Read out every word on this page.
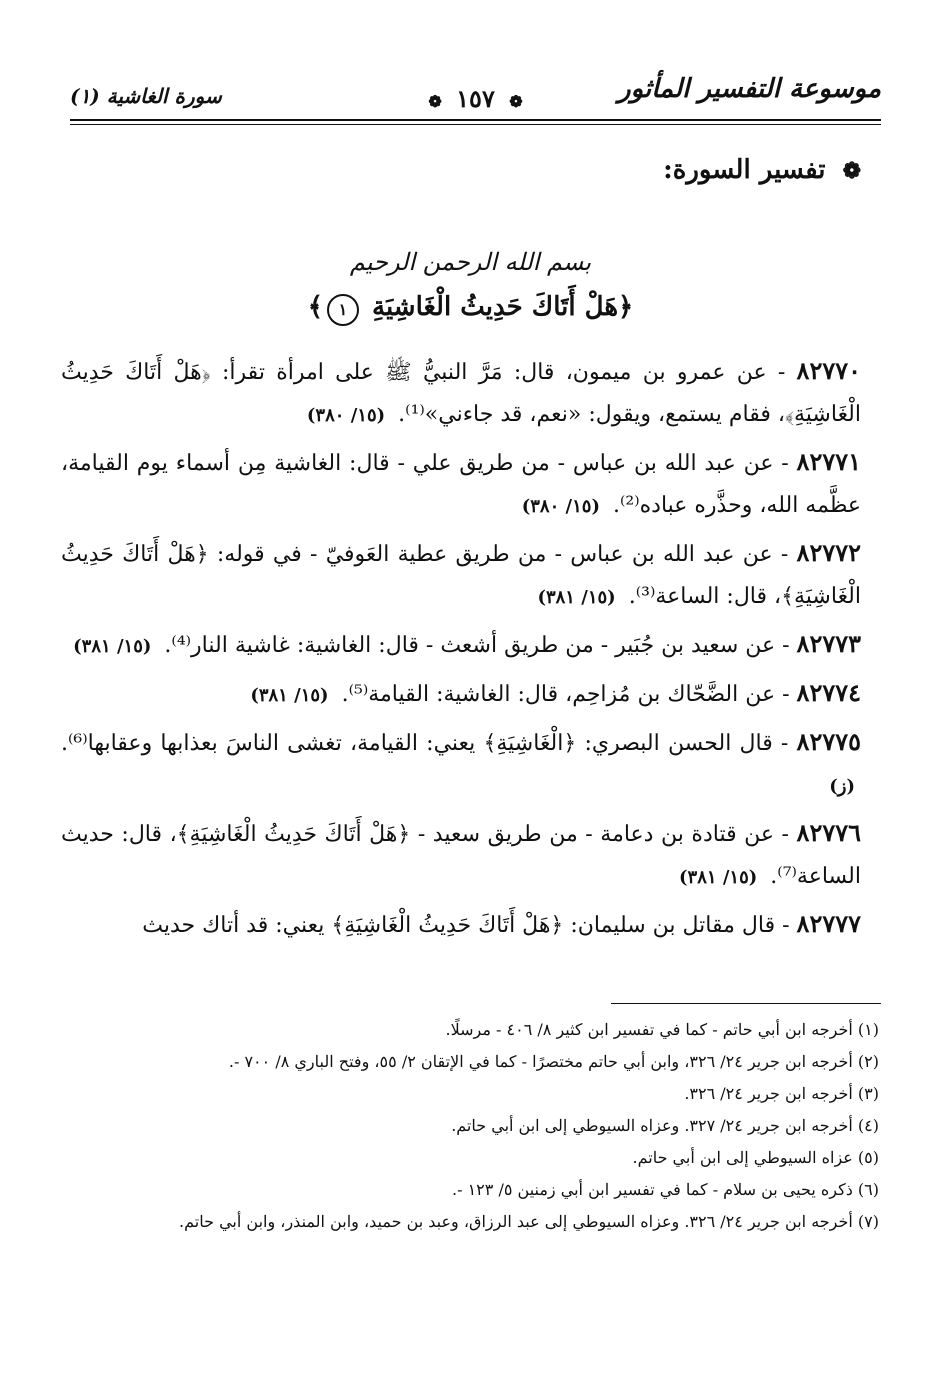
موسوعة التفسير المأثور
❁ ١٥٧ ❁
سورة الغاشية (١)
❁ تفسير السورة:
بسم الله الرحمن الرحيم
﴿هَلْ أَتَاكَ حَدِيثُ الْغَاشِيَةِ ١﴾

٨٢٧٧٠ - عن عمرو بن ميمون، قال: مَرَّ النبيُّ ﷺ على امرأة تقرأ: ﴿هَلْ أَتَاكَ حَدِيثُ الْغَاشِيَةِ﴾، فقام يستمع، ويقول: «نعم، قد جاءني»⁽¹⁾. (١٥/ ٣٨٠)

٨٢٧٧١ - عن عبد الله بن عباس - من طريق علي - قال: الغاشية مِن أسماء يوم القيامة، عظَّمه الله، وحذَّره عباده⁽²⁾. (١٥/ ٣٨٠)

٨٢٧٧٢ - عن عبد الله بن عباس - من طريق عطية العَوفيّ - في قوله: ﴿هَلْ أَتَاكَ حَدِيثُ الْغَاشِيَةِ﴾، قال: الساعة⁽³⁾. (١٥/ ٣٨١)

٨٢٧٧٣ - عن سعيد بن جُبَير - من طريق أشعث - قال: الغاشية: غاشية النار⁽⁴⁾. (١٥/ ٣٨١)

٨٢٧٧٤ - عن الضَّحّاك بن مُزاحِم، قال: الغاشية: القيامة⁽⁵⁾. (١٥/ ٣٨١)

٨٢٧٧٥ - قال الحسن البصري: ﴿الْغَاشِيَةِ﴾ يعني: القيامة، تغشى الناسَ بعذابها وعقابها⁽⁶⁾. (ز)

٨٢٧٧٦ - عن قتادة بن دعامة - من طريق سعيد - ﴿هَلْ أَتَاكَ حَدِيثُ الْغَاشِيَةِ﴾، قال: حديث الساعة⁽⁷⁾. (١٥/ ٣٨١)

٨٢٧٧٧ - قال مقاتل بن سليمان: ﴿هَلْ أَتَاكَ حَدِيثُ الْغَاشِيَةِ﴾ يعني: قد أتاك حديث

(١) أخرجه ابن أبي حاتم - كما في تفسير ابن كثير ٨/ ٤٠٦ - مرسلًا.

(٢) أخرجه ابن جرير ٢٤/ ٣٢٦، وابن أبي حاتم مختصرًا - كما في الإتقان ٢/ ٥٥، وفتح الباري ٨/ ٧٠٠ -.

(٣) أخرجه ابن جرير ٢٤/ ٣٢٦.

(٤) أخرجه ابن جرير ٢٤/ ٣٢٧. وعزاه السيوطي إلى ابن أبي حاتم.

(٥) عزاه السيوطي إلى ابن أبي حاتم.

(٦) ذكره يحيى بن سلام - كما في تفسير ابن أبي زمنين ٥/ ١٢٣ -.

(٧) أخرجه ابن جرير ٢٤/ ٣٢٦. وعزاه السيوطي إلى عبد الرزاق، وعبد بن حميد، وابن المنذر، وابن أبي حاتم.
